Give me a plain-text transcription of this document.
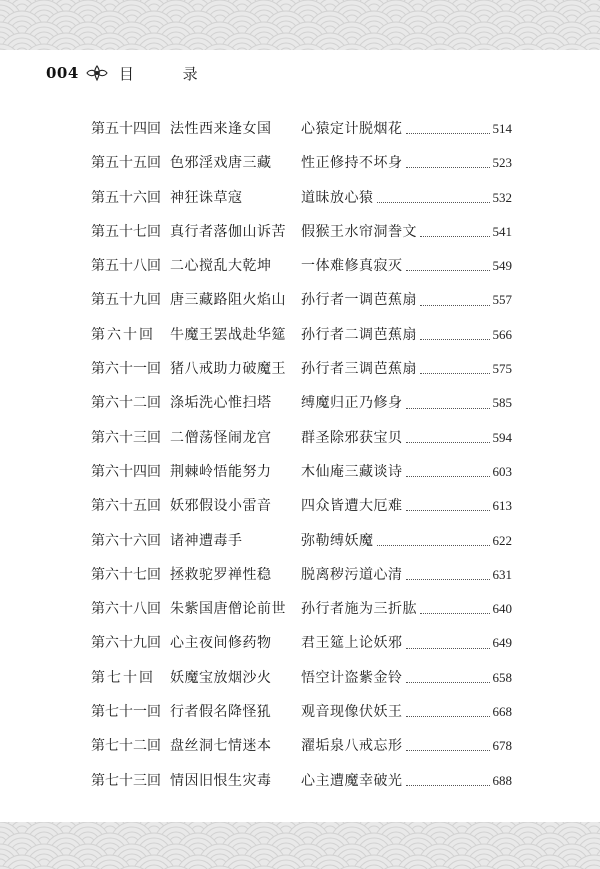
004	目 录
第五十四回 法性西来逢女国 心猿定计脱烟花	514
第五十五回 色邪淫戏唐三藏 性正修持不坏身	523
第五十六回 神狂诛草寇	道昧放心猿	532
第五十七回 真行者落伽山诉苦 假猴王水帘洞誊文	541
第五十八回 二心搅乱大乾坤 一体难修真寂灭	549
第五十九回 唐三藏路阻火焰山 孙行者一调芭蕉扇	557
第六十回 牛魔王罢战赴华筵 孙行者二调芭蕉扇	566
第六十一回 猪八戒助力破魔王 孙行者三调芭蕉扇	575
第六十二回 涤垢洗心惟扫塔 缚魔归正乃修身	585
第六十三回 二僧荡怪闹龙宫 群圣除邪获宝贝	594
第六十四回 荆棘岭悟能努力 木仙庵三藏谈诗	603
第六十五回 妖邪假设小雷音 四众皆遭大厄难	613
第六十六回 诸神遭毒手	弥勒缚妖魔	622
第六十七回 拯救驼罗禅性稳 脱离秽污道心清	631
第六十八回 朱紫国唐僧论前世 孙行者施为三折肱	640
第六十九回 心主夜间修药物 君王筵上论妖邪	649
第七十回 妖魔宝放烟沙火 悟空计盗紫金铃	658
第七十一回 行者假名降怪犼 观音现像伏妖王	668
第七十二回 盘丝洞七情迷本 濯垢泉八戒忘形	678
第七十三回 情因旧恨生灾毒 心主遭魔幸破光	688
